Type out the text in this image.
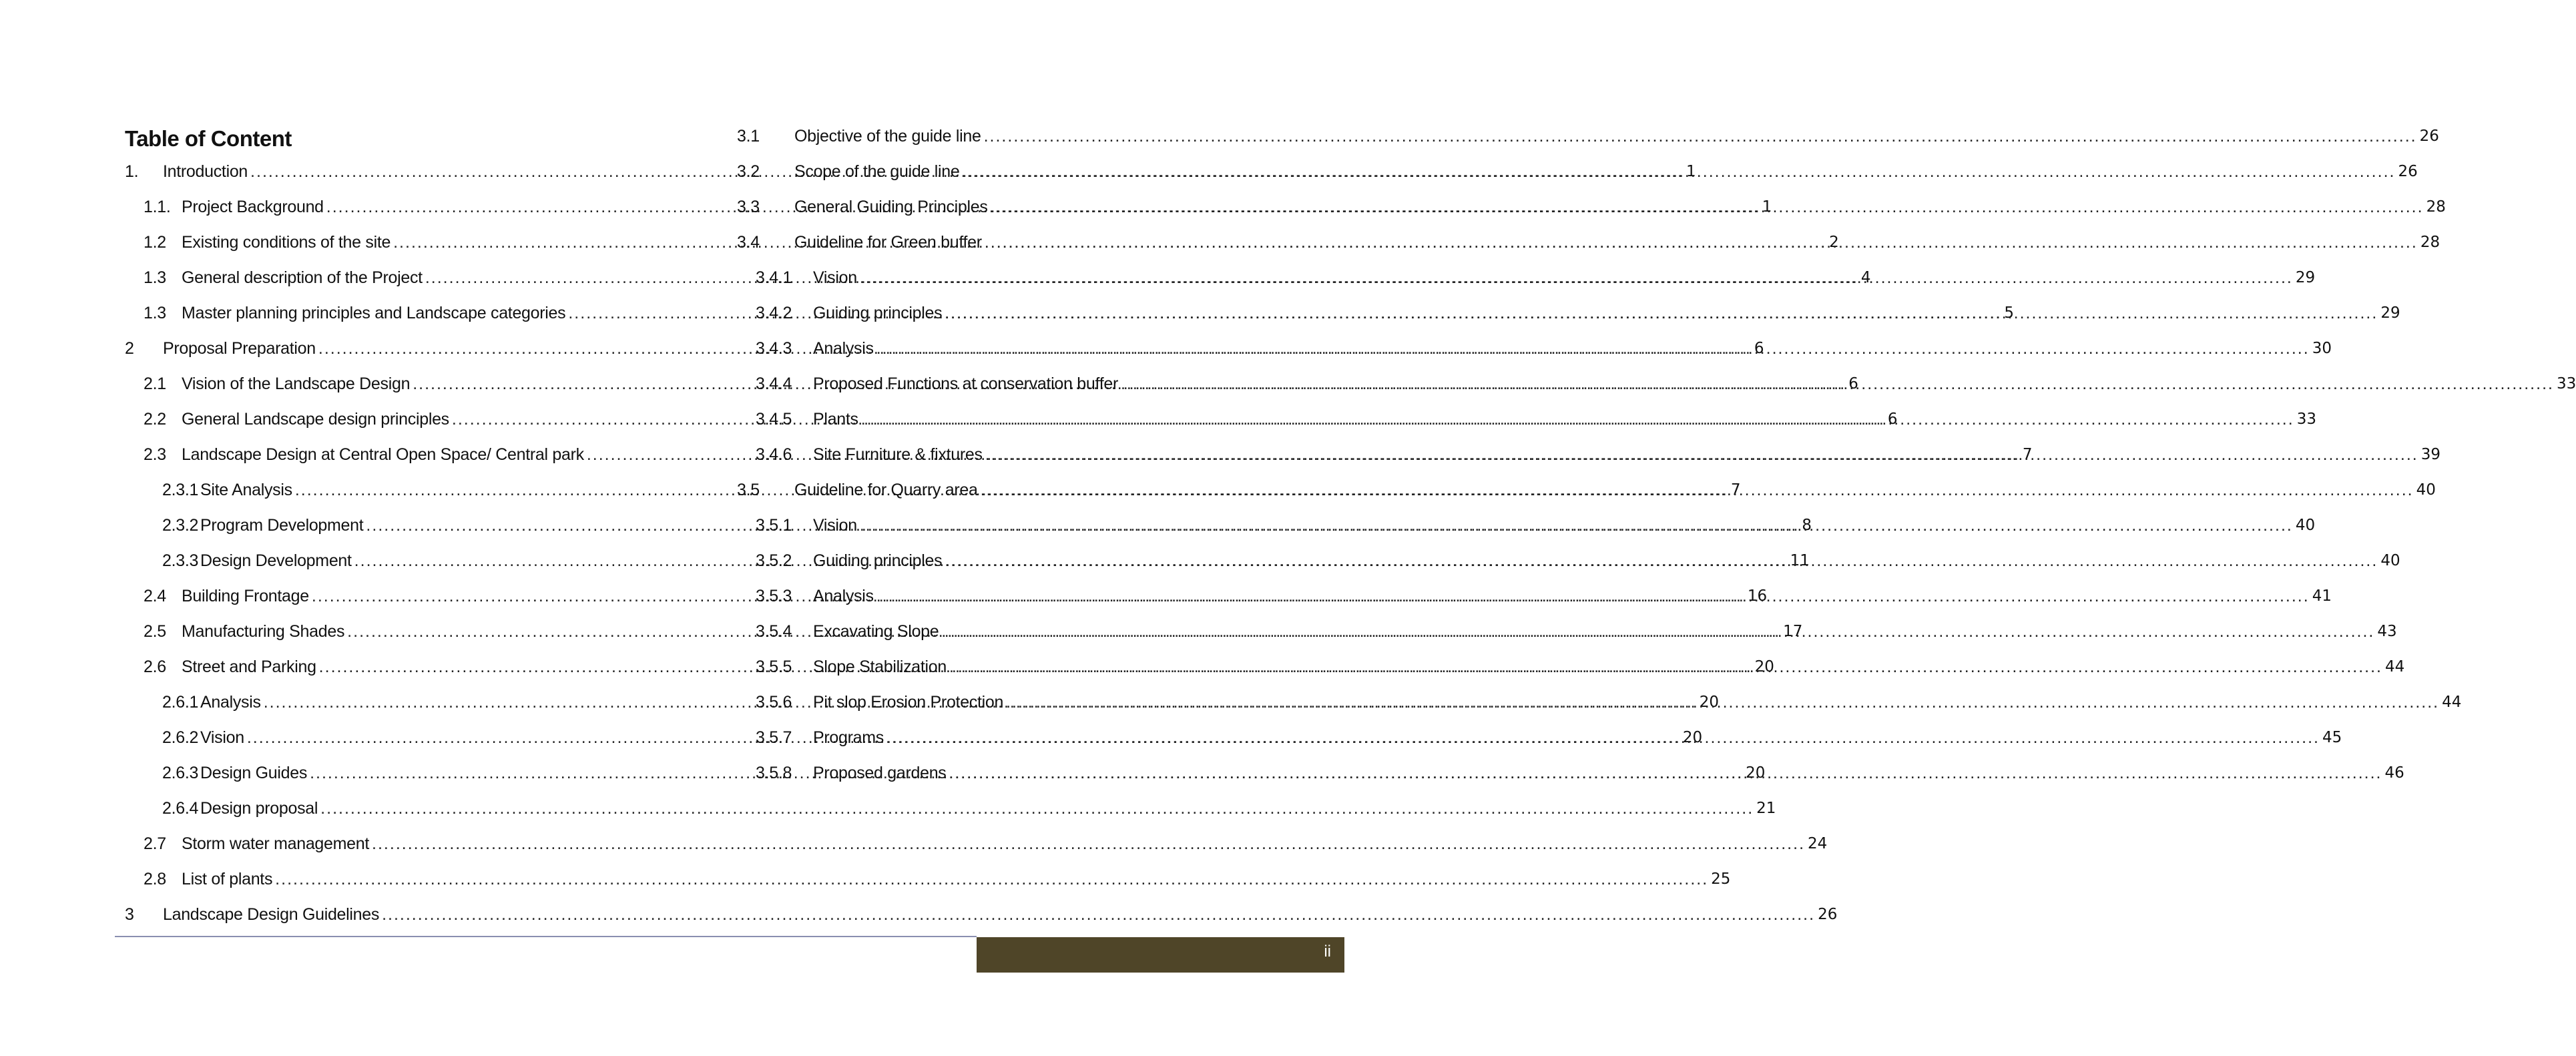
Table of Content
1.	Introduction .....	1
1.1. Project Background .....	1
1.2 Existing conditions of the site .....	2
1.3 General description of the Project .....	4
1.3 Master planning principles and Landscape categories .....	5
2	Proposal Preparation .....	6
2.1 Vision of the Landscape Design .....	6
2.2 General Landscape design principles .....	6
2.3 Landscape Design at Central Open Space/ Central park .....	7
2.3.1 Site Analysis .....	7
2.3.2 Program Development .....	8
2.3.3 Design Development .....	11
2.4 Building Frontage .....	16
2.5 Manufacturing Shades .....	17
2.6 Street and Parking .....	20
2.6.1 Analysis .....	20
2.6.2 Vision .....	20
2.6.3 Design Guides .....	20
2.6.4 Design proposal .....	21
2.7 Storm water management .....	24
2.8 List of plants .....	25
3	Landscape Design Guidelines .....	26
3.1	Objective of the guide line .....	26
3.2	Scope of the guide line .....	26
3.3	General Guiding Principles .....	28
3.4	Guideline for Green buffer .....	28
3.4.1	Vision .....	29
3.4.2	Guiding principles .....	29
3.4.3	Analysis .....	30
3.4.4	Proposed Functions at conservation buffer .....	33
3.4.5	Plants .....	33
3.4.6	Site Furniture & fixtures .....	39
3.5	Guideline for Quarry area .....	40
3.5.1	Vision .....	40
3.5.2	Guiding principles .....	40
3.5.3	Analysis .....	41
3.5.4	Excavating Slope .....	43
3.5.5	Slope Stabilization .....	44
3.5.6	Pit slop Erosion Protection .....	44
3.5.7	Programs .....	45
3.5.8	Proposed gardens .....	46
ii
